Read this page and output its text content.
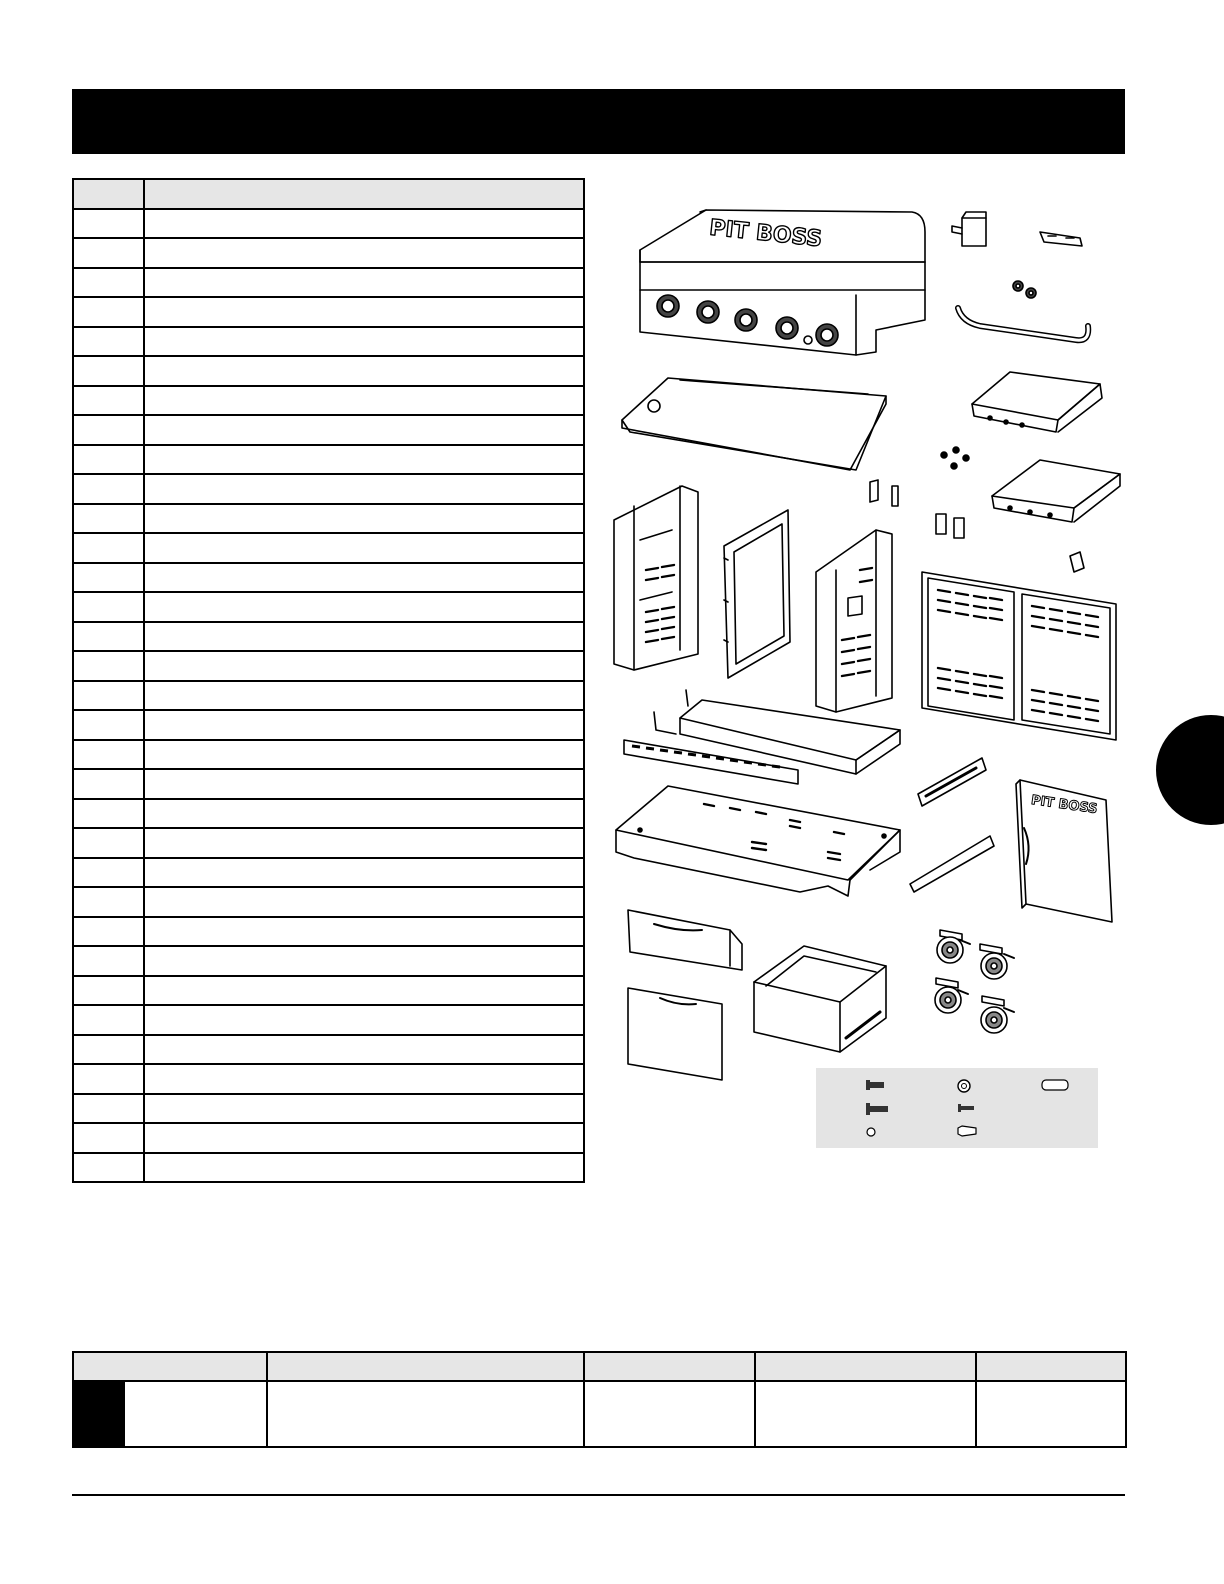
PIT BOSS
PIT BOSS
